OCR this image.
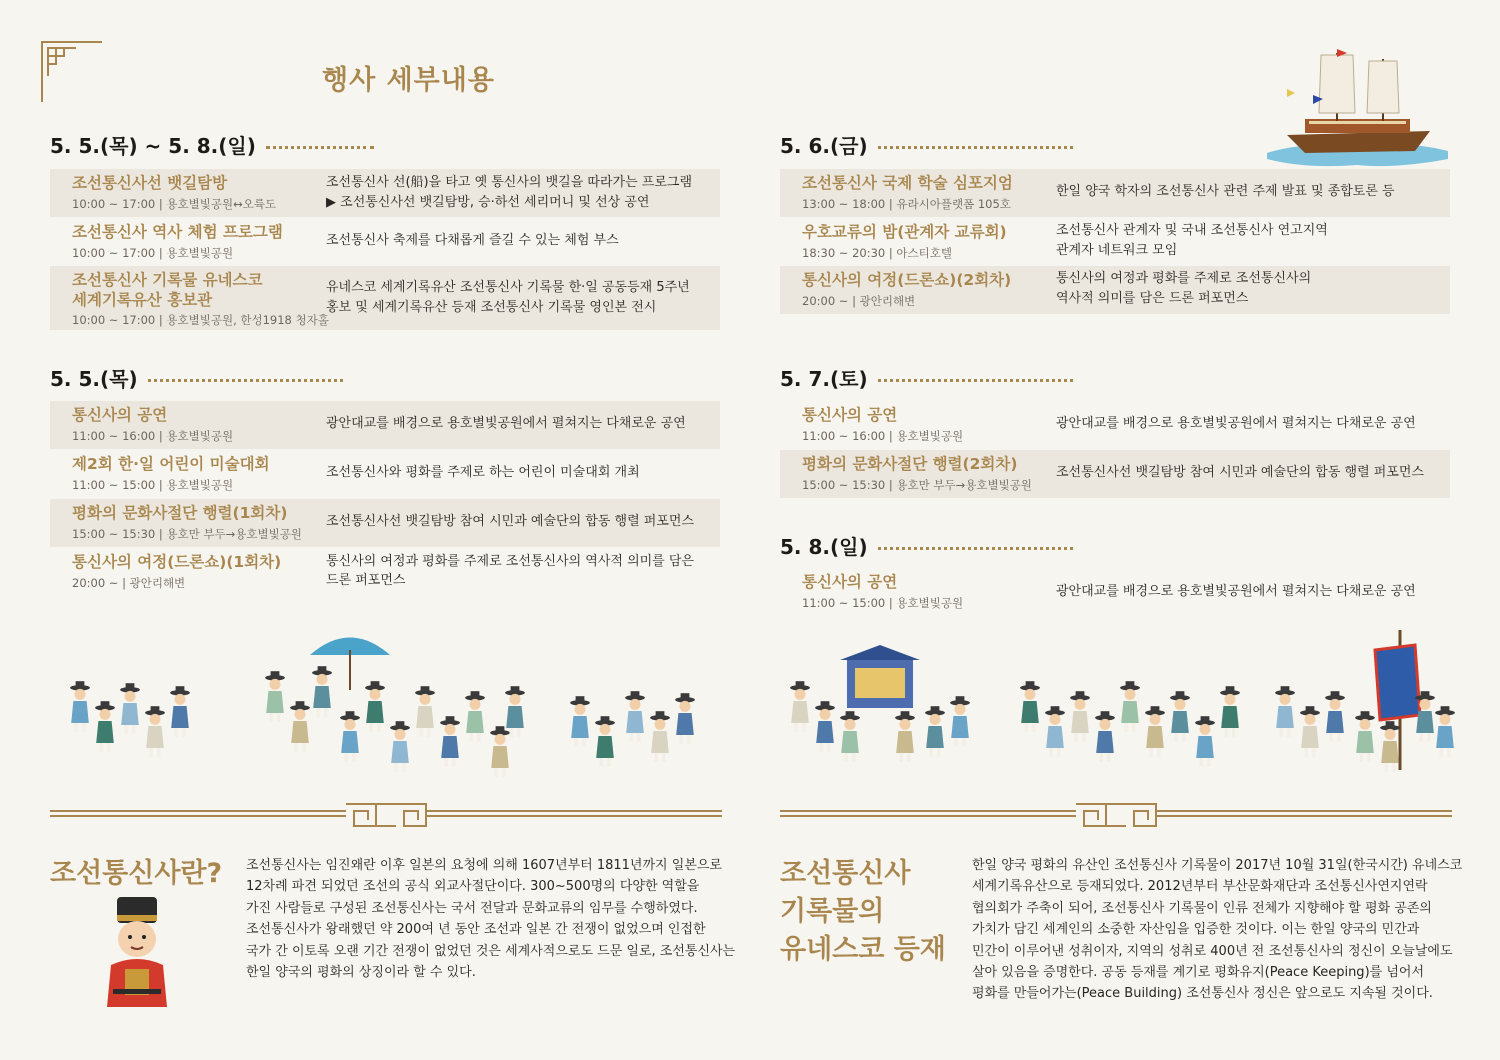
행사 세부내용
5. 5.(목) ~ 5. 8.(일)
조선통신사선 뱃길탐방
10:00 ~ 17:00 | 용호별빛공원↔오륙도
조선통신사 선(船)을 타고 옛 통신사의 뱃길을 따라가는 프로그램
▶ 조선통신사선 뱃길탐방, 승·하선 세리머니 및 선상 공연
조선통신사 역사 체험 프로그램
10:00 ~ 17:00 | 용호별빛공원
조선통신사 축제를 다채롭게 즐길 수 있는 체험 부스
조선통신사 기록물 유네스코
세계기록유산 홍보관
10:00 ~ 17:00 | 용호별빛공원, 한성1918 청자홀
유네스코 세계기록유산 조선통신사 기록물 한·일 공동등재 5주년
홍보 및 세계기록유산 등재 조선통신사 기록물 영인본 전시
5. 5.(목)
통신사의 공연
11:00 ~ 16:00 | 용호별빛공원
광안대교를 배경으로 용호별빛공원에서 펼쳐지는 다채로운 공연
제2회 한·일 어린이 미술대회
11:00 ~ 15:00 | 용호별빛공원
조선통신사와 평화를 주제로 하는 어린이 미술대회 개최
평화의 문화사절단 행렬(1회차)
15:00 ~ 15:30 | 용호만 부두→용호별빛공원
조선통신사선 뱃길탐방 참여 시민과 예술단의 합동 행렬 퍼포먼스
통신사의 여정(드론쇼)(1회차)
20:00 ~ | 광안리해변
통신사의 여정과 평화를 주제로 조선통신사의 역사적 의미를 담은
드론 퍼포먼스
5. 6.(금)
조선통신사 국제 학술 심포지엄
13:00 ~ 18:00 | 유라시아플랫폼 105호
한일 양국 학자의 조선통신사 관련 주제 발표 및 종합토론 등
우호교류의 밤(관계자 교류회)
18:30 ~ 20:30 | 아스티호텔
조선통신사 관계자 및 국내 조선통신사 연고지역
관계자 네트워크 모임
통신사의 여정(드론쇼)(2회차)
20:00 ~ | 광안리해변
통신사의 여정과 평화를 주제로 조선통신사의
역사적 의미를 담은 드론 퍼포먼스
5. 7.(토)
통신사의 공연
11:00 ~ 16:00 | 용호별빛공원
광안대교를 배경으로 용호별빛공원에서 펼쳐지는 다채로운 공연
평화의 문화사절단 행렬(2회차)
15:00 ~ 15:30 | 용호만 부두→용호별빛공원
조선통신사선 뱃길탐방 참여 시민과 예술단의 합동 행렬 퍼포먼스
5. 8.(일)
통신사의 공연
11:00 ~ 15:00 | 용호별빛공원
광안대교를 배경으로 용호별빛공원에서 펼쳐지는 다채로운 공연
조선통신사란? 조선통신사는 임진왜란 이후 일본의 요청에 의해 1607년부터 1811년까지 일본으로
12차례 파견 되었던 조선의 공식 외교사절단이다. 300~500명의 다양한 역할을
가진 사람들로 구성된 조선통신사는 국서 전달과 문화교류의 임무를 수행하였다.
조선통신사가 왕래했던 약 200여 년 동안 조선과 일본 간 전쟁이 없었으며 인접한
국가 간 이토록 오랜 기간 전쟁이 없었던 것은 세계사적으로도 드문 일로, 조선통신사는
한일 양국의 평화의 상징이라 할 수 있다.
조선통신사
기록물의
유네스코 등재
한일 양국 평화의 유산인 조선통신사 기록물이 2017년 10월 31일(한국시간) 유네스코
세계기록유산으로 등재되었다. 2012년부터 부산문화재단과 조선통신사연지연락
협의회가 주축이 되어, 조선통신사 기록물이 인류 전체가 지향해야 할 평화 공존의
가치가 담긴 세계인의 소중한 자산임을 입증한 것이다. 이는 한일 양국의 민간과
민간이 이루어낸 성취이자, 지역의 성취로 400년 전 조선통신사의 정신이 오늘날에도
살아 있음을 증명한다. 공동 등재를 계기로 평화유지(Peace Keeping)를 넘어서
평화를 만들어가는(Peace Building) 조선통신사 정신은 앞으로도 지속될 것이다.
